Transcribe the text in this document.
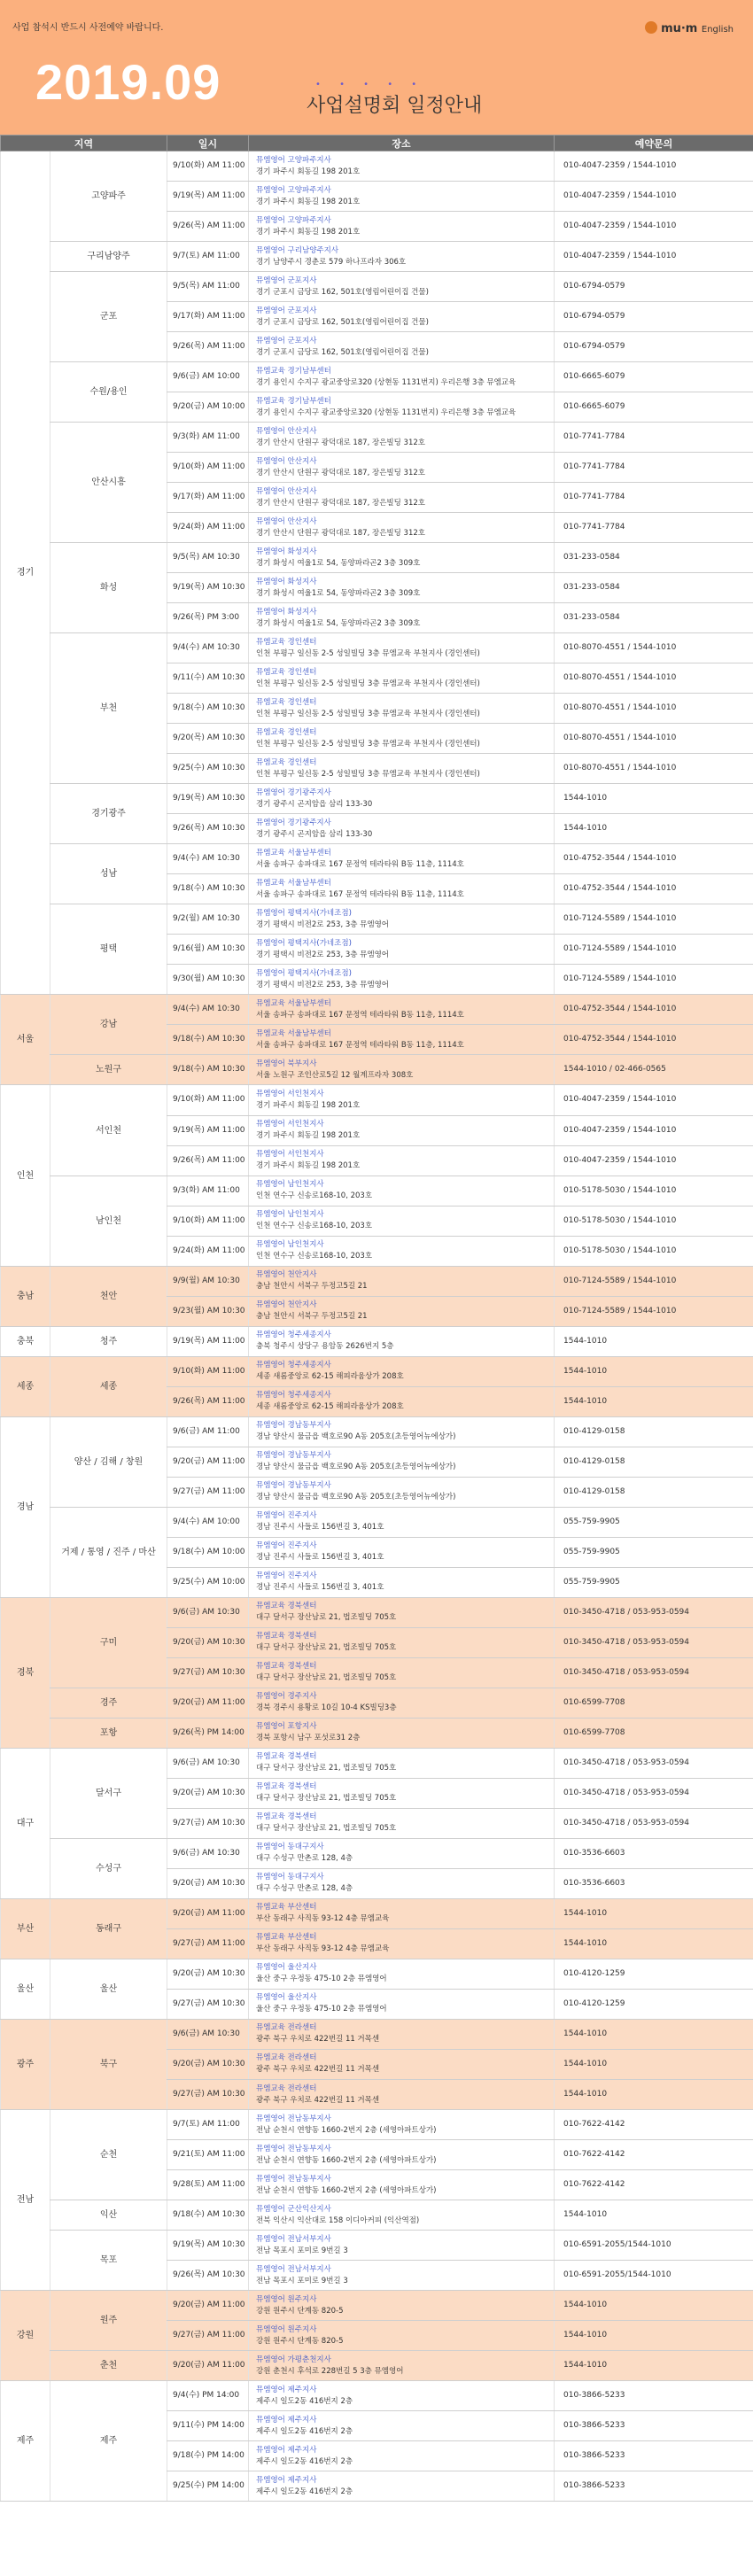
사업 참석시 반드시 사전예약 바랍니다.	mu·m English
2019.09	• • • • •
사업설명회 일정안내
지역		일시	장소	예약문의
경기	고양파주	9/10(화) AM 11:00	뮤엠영어 고양파주지사
경기 파주시 회동길 198 201호	010-4047-2359 / 1544-1010
		9/19(목) AM 11:00	뮤엠영어 고양파주지사
경기 파주시 회동길 198 201호	010-4047-2359 / 1544-1010
		9/26(목) AM 11:00	뮤엠영어 고양파주지사
경기 파주시 회동길 198 201호	010-4047-2359 / 1544-1010
	구리남양주	9/7(토) AM 11:00	뮤엠영어 구리남양주지사
경기 남양주시 경춘로 579 하나프라자 306호	010-4047-2359 / 1544-1010
	군포	9/5(목) AM 11:00	뮤엠영어 군포지사
경기 군포시 금당로 162, 501호(영림어린이집 건물)	010-6794-0579
		9/17(화) AM 11:00	뮤엠영어 군포지사
경기 군포시 금당로 162, 501호(영림어린이집 건물)	010-6794-0579
		9/26(목) AM 11:00	뮤엠영어 군포지사
경기 군포시 금당로 162, 501호(영림어린이집 건물)	010-6794-0579
	수원/용인	9/6(금) AM 10:00	뮤엠교육 경기남부센터
경기 용인시 수지구 광교중앙로320 (상현동 1131번지) 우리은행 3층 뮤엠교육	010-6665-6079
		9/20(금) AM 10:00	뮤엠교육 경기남부센터
경기 용인시 수지구 광교중앙로320 (상현동 1131번지) 우리은행 3층 뮤엠교육	010-6665-6079
	안산시흥	9/3(화) AM 11:00	뮤엠영어 안산지사
경기 안산시 단원구 광덕대로 187, 장은빌딩 312호	010-7741-7784
		9/10(화) AM 11:00	뮤엠영어 안산지사
경기 안산시 단원구 광덕대로 187, 장은빌딩 312호	010-7741-7784
		9/17(화) AM 11:00	뮤엠영어 안산지사
경기 안산시 단원구 광덕대로 187, 장은빌딩 312호	010-7741-7784
		9/24(화) AM 11:00	뮤엠영어 안산지사
경기 안산시 단원구 광덕대로 187, 장은빌딩 312호	010-7741-7784
	화성	9/5(목) AM 10:30	뮤엠영어 화성지사
경기 화성시 여울1로 54, 동양파라곤2 3층 309호	031-233-0584
		9/19(목) AM 10:30	뮤엠영어 화성지사
경기 화성시 여울1로 54, 동양파라곤2 3층 309호	031-233-0584
		9/26(목) PM 3:00	뮤엠영어 화성지사
경기 화성시 여울1로 54, 동양파라곤2 3층 309호	031-233-0584
	부천	9/4(수) AM 10:30	뮤엠교육 경인센터
인천 부평구 일신동 2-5 성일빌딩 3층 뮤엠교육 부천지사 (경인센터)	010-8070-4551 / 1544-1010
		9/11(수) AM 10:30	뮤엠교육 경인센터
인천 부평구 일신동 2-5 성일빌딩 3층 뮤엠교육 부천지사 (경인센터)	010-8070-4551 / 1544-1010
		9/18(수) AM 10:30	뮤엠교육 경인센터
인천 부평구 일신동 2-5 성일빌딩 3층 뮤엠교육 부천지사 (경인센터)	010-8070-4551 / 1544-1010
		9/20(목) AM 10:30	뮤엠교육 경인센터
인천 부평구 일신동 2-5 성일빌딩 3층 뮤엠교육 부천지사 (경인센터)	010-8070-4551 / 1544-1010
		9/25(수) AM 10:30	뮤엠교육 경인센터
인천 부평구 일신동 2-5 성일빌딩 3층 뮤엠교육 부천지사 (경인센터)	010-8070-4551 / 1544-1010
	경기광주	9/19(목) AM 10:30	뮤엠영어 경기광주지사
경기 광주시 곤지암읍 삼리 133-30	1544-1010
		9/26(목) AM 10:30	뮤엠영어 경기광주지사
경기 광주시 곤지암읍 삼리 133-30	1544-1010
	성남	9/4(수) AM 10:30	뮤엠교육 서울남부센터
서울 송파구 송파대로 167 문정역 테라타워 B동 11층, 1114호	010-4752-3544 / 1544-1010
		9/18(수) AM 10:30	뮤엠교육 서울남부센터
서울 송파구 송파대로 167 문정역 테라타워 B동 11층, 1114호	010-4752-3544 / 1544-1010
	평택	9/2(월) AM 10:30	뮤엠영어 평택지사(가네조점)
경기 평택시 비전2로 253, 3층 뮤엠영어	010-7124-5589 / 1544-1010
		9/16(월) AM 10:30	뮤엠영어 평택지사(가네조점)
경기 평택시 비전2로 253, 3층 뮤엠영어	010-7124-5589 / 1544-1010
		9/30(월) AM 10:30	뮤엠영어 평택지사(가네조점)
경기 평택시 비전2로 253, 3층 뮤엠영어	010-7124-5589 / 1544-1010
서울	강남	9/4(수) AM 10:30	뮤엠교육 서울남부센터
서울 송파구 송파대로 167 문정역 테라타워 B동 11층, 1114호	010-4752-3544 / 1544-1010
		9/18(수) AM 10:30	뮤엠교육 서울남부센터
서울 송파구 송파대로 167 문정역 테라타워 B동 11층, 1114호	010-4752-3544 / 1544-1010
	노원구	9/18(수) AM 10:30	뮤엠영어 북부지사
서울 노원구 조인산로5길 12 월계프라자 308호	1544-1010 / 02-466-0565
인천	서인천	9/10(화) AM 11:00	뮤엠영어 서인천지사
경기 파주시 회동길 198 201호	010-4047-2359 / 1544-1010
		9/19(목) AM 11:00	뮤엠영어 서인천지사
경기 파주시 회동길 198 201호	010-4047-2359 / 1544-1010
		9/26(목) AM 11:00	뮤엠영어 서인천지사
경기 파주시 회동길 198 201호	010-4047-2359 / 1544-1010
	남인천	9/3(화) AM 11:00	뮤엠영어 남인천지사
인천 연수구 신송로168-10, 203호	010-5178-5030 / 1544-1010
		9/10(화) AM 11:00	뮤엠영어 남인천지사
인천 연수구 신송로168-10, 203호	010-5178-5030 / 1544-1010
		9/24(화) AM 11:00	뮤엠영어 남인천지사
인천 연수구 신송로168-10, 203호	010-5178-5030 / 1544-1010
충남	천안	9/9(월) AM 10:30	뮤엠영어 천안지사
충남 천안시 서북구 두정고5길 21	010-7124-5589 / 1544-1010
		9/23(월) AM 10:30	뮤엠영어 천안지사
충남 천안시 서북구 두정고5길 21	010-7124-5589 / 1544-1010
충북	청주	9/19(목) AM 11:00	뮤엠영어 청주세종지사
충북 청주시 상당구 용암동 2626번지 5층	1544-1010
세종	세종	9/10(화) AM 11:00	뮤엠영어 청주세종지사
세종 새롬중앙로 62-15 해피라움상가 208호	1544-1010
		9/26(목) AM 11:00	뮤엠영어 청주세종지사
세종 새롬중앙로 62-15 해피라움상가 208호	1544-1010
경남	양산 / 김해 / 창원	9/6(금) AM 11:00	뮤엠영어 경남동부지사
경남 양산시 물금읍 백호로90 A동 205호(초등영어뉴에상가)	010-4129-0158
		9/20(금) AM 11:00	뮤엠영어 경남동부지사
경남 양산시 물금읍 백호로90 A동 205호(초등영어뉴에상가)	010-4129-0158
		9/27(금) AM 11:00	뮤엠영어 경남동부지사
경남 양산시 물금읍 백호로90 A동 205호(초등영어뉴에상가)	010-4129-0158
	거제 / 통영 / 진주 / 마산	9/4(수) AM 10:00	뮤엠영어 진주지사
경남 진주시 사들로 156번길 3, 401호	055-759-9905
		9/18(수) AM 10:00	뮤엠영어 진주지사
경남 진주시 사들로 156번길 3, 401호	055-759-9905
		9/25(수) AM 10:00	뮤엠영어 진주지사
경남 진주시 사들로 156번길 3, 401호	055-759-9905
경북	구미	9/6(금) AM 10:30	뮤엠교육 경북센터
대구 달서구 장산남로 21, 법조빌딩 705호	010-3450-4718 / 053-953-0594
		9/20(금) AM 10:30	뮤엠교육 경북센터
대구 달서구 장산남로 21, 법조빌딩 705호	010-3450-4718 / 053-953-0594
		9/27(금) AM 10:30	뮤엠교육 경북센터
대구 달서구 장산남로 21, 법조빌딩 705호	010-3450-4718 / 053-953-0594
	경주	9/20(금) AM 11:00	뮤엠영어 경주지사
경북 경주시 용황로 10길 10-4 KS빌딩3층	010-6599-7708
	포항	9/26(목) PM 14:00	뮤엠영어 포항지사
경북 포항시 남구 포섯로31 2층	010-6599-7708
대구	달서구	9/6(금) AM 10:30	뮤엠교육 경북센터
대구 달서구 장산남로 21, 법조빌딩 705호	010-3450-4718 / 053-953-0594
		9/20(금) AM 10:30	뮤엠교육 경북센터
대구 달서구 장산남로 21, 법조빌딩 705호	010-3450-4718 / 053-953-0594
		9/27(금) AM 10:30	뮤엠교육 경북센터
대구 달서구 장산남로 21, 법조빌딩 705호	010-3450-4718 / 053-953-0594
	수성구	9/6(금) AM 10:30	뮤엠영어 동대구지사
대구 수성구 만촌로 128, 4층	010-3536-6603
		9/20(금) AM 10:30	뮤엠영어 동대구지사
대구 수성구 만촌로 128, 4층	010-3536-6603
부산	동래구	9/20(금) AM 11:00	뮤엠교육 부산센터
부산 동래구 사직동 93-12 4층 뮤엠교육	1544-1010
		9/27(금) AM 11:00	뮤엠교육 부산센터
부산 동래구 사직동 93-12 4층 뮤엠교육	1544-1010
울산	울산	9/20(금) AM 10:30	뮤엠영어 울산지사
울산 중구 우정동 475-10 2층 뮤엠영어	010-4120-1259
		9/27(금) AM 10:30	뮤엠영어 울산지사
울산 중구 우정동 475-10 2층 뮤엠영어	010-4120-1259
광주	북구	9/6(금) AM 10:30	뮤엠교육 전라센터
광주 북구 우치로 422번길 11 거목센	1544-1010
		9/20(금) AM 10:30	뮤엠교육 전라센터
광주 북구 우치로 422번길 11 거목센	1544-1010
		9/27(금) AM 10:30	뮤엠교육 전라센터
광주 북구 우치로 422번길 11 거목센	1544-1010
전남	순천	9/7(토) AM 11:00	뮤엠영어 전남동부지사
전남 순천시 연향동 1660-2번지 2층 (세영아파트상가)	010-7622-4142
		9/21(토) AM 11:00	뮤엠영어 전남동부지사
전남 순천시 연향동 1660-2번지 2층 (세영아파트상가)	010-7622-4142
		9/28(토) AM 11:00	뮤엠영어 전남동부지사
전남 순천시 연향동 1660-2번지 2층 (세영아파트상가)	010-7622-4142
	익산	9/18(수) AM 10:30	뮤엠영어 군산익산지사
전북 익산시 익산대로 158 이디아커피 (익산역점)	1544-1010
	목포	9/19(목) AM 10:30	뮤엠영어 전남서부지사
전남 목포시 포미로 9번길 3	010-6591-2055/1544-1010
		9/26(목) AM 10:30	뮤엠영어 전남서부지사
전남 목포시 포미로 9번길 3	010-6591-2055/1544-1010
강원	원주	9/20(금) AM 11:00	뮤엠영어 원주지사
강원 원주시 단계동 820-5	1544-1010
		9/27(금) AM 11:00	뮤엠영어 원주지사
강원 원주시 단계동 820-5	1544-1010
	춘천	9/20(금) AM 11:00	뮤엠영어 가평춘천지사
강원 춘천시 후석로 228번길 5 3층 뮤엠영어	1544-1010
제주	제주	9/4(수) PM 14:00	뮤엠영어 제주지사
제주시 일도2동 416번지 2층	010-3866-5233
		9/11(수) PM 14:00	뮤엠영어 제주지사
제주시 일도2동 416번지 2층	010-3866-5233
		9/18(수) PM 14:00	뮤엠영어 제주지사
제주시 일도2동 416번지 2층	010-3866-5233
		9/25(수) PM 14:00	뮤엠영어 제주지사
제주시 일도2동 416번지 2층	010-3866-5233
